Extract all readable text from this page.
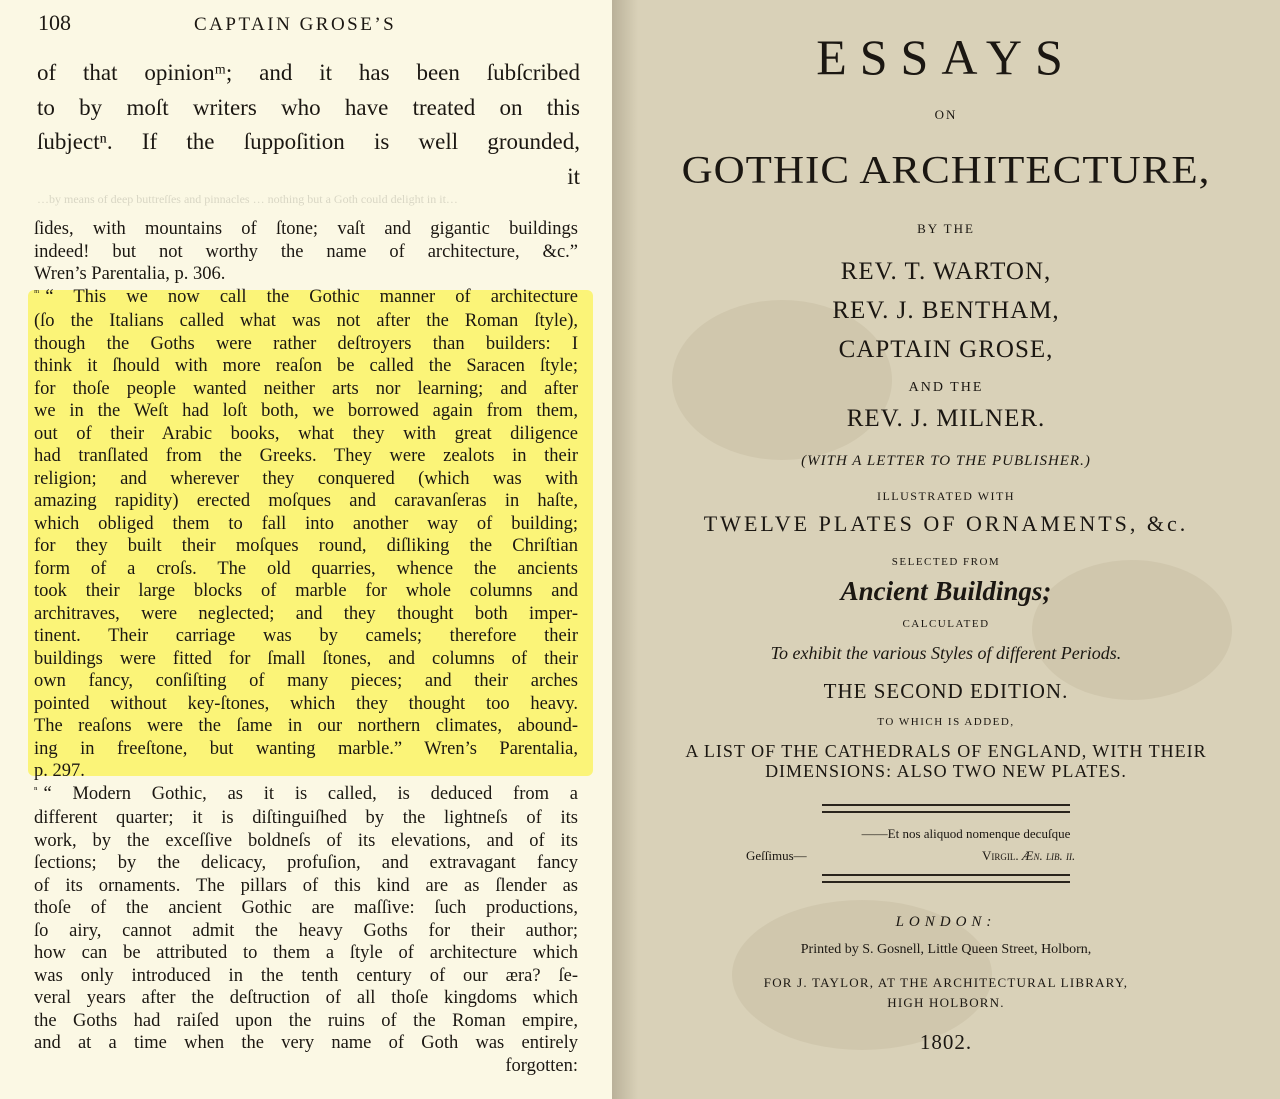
108	CAPTAIN GROSE’S
of that opinionᵐ; and it has been ſubſcribed
to by moſt writers who have treated on this
ſubjectⁿ. If the ſuppoſition is well grounded,
it
…by means of deep buttreſſes and pinnacles … nothing but a Goth could delight in it…
ſides, with mountains of ſtone; vaſt and gigantic buildings
indeed! but not worthy the name of architecture, &c.”
Wren’s Parentalia, p. 306.
$^ᵐ$ “ This we now call the Gothic manner of architecture
(ſo the Italians called what was not after the Roman ſtyle),
though the Goths were rather deſtroyers than builders: I
think it ſhould with more reaſon be called the Saracen ſtyle;
for thoſe people wanted neither arts nor learning; and after
we in the Weſt had loſt both, we borrowed again from them,
out of their Arabic books, what they with great diligence
had tranſlated from the Greeks. They were zealots in their
religion; and wherever they conquered (which was with
amazing rapidity) erected moſques and caravanſeras in haſte,
which obliged them to fall into another way of building;
for they built their moſques round, diſliking the Chriſtian
form of a croſs. The old quarries, whence the ancients
took their large blocks of marble for whole columns and
architraves, were neglected; and they thought both imper-
tinent. Their carriage was by camels; therefore their
buildings were fitted for ſmall ſtones, and columns of their
own fancy, conſiſting of many pieces; and their arches
pointed without key-ſtones, which they thought too heavy.
The reaſons were the ſame in our northern climates, abound-
ing in freeſtone, but wanting marble.” Wren’s Parentalia,
p. 297.
$^{^n}$ “ Modern Gothic, as it is called, is deduced from a
different quarter; it is diſtinguiſhed by the lightneſs of its
work, by the exceſſive boldneſs of its elevations, and of its
ſections; by the delicacy, profuſion, and extravagant fancy
of its ornaments. The pillars of this kind are as ſlender as
thoſe of the ancient Gothic are maſſive: ſuch productions,
ſo airy, cannot admit the heavy Goths for their author;
how can be attributed to them a ſtyle of architecture which
was only introduced in the tenth century of our æra? ſe-
veral years after the deſtruction of all thoſe kingdoms which
the Goths had raiſed upon the ruins of the Roman empire,
and at a time when the very name of Goth was entirely
forgotten:
ESSAYS
ON
GOTHIC ARCHITECTURE,
BY THE
REV. T. WARTON,
REV. J. BENTHAM,
CAPTAIN GROSE,
AND THE
REV. J. MILNER.
(WITH A LETTER TO THE PUBLISHER.)
ILLUSTRATED WITH
TWELVE PLATES OF ORNAMENTS, &c.
SELECTED FROM
Ancient Buildings;
CALCULATED
To exhibit the various Styles of different Periods.
THE SECOND EDITION.
TO WHICH IS ADDED,
A LIST OF THE CATHEDRALS OF ENGLAND, WITH THEIR
DIMENSIONS: ALSO TWO NEW PLATES.
——Et nos aliquod nomenque decuſque
Geſſimus—	Virgil. Æn. lib. ii.
LONDON:
Printed by S. Gosnell, Little Queen Street, Holborn,
FOR J. TAYLOR, AT THE ARCHITECTURAL LIBRARY,
HIGH HOLBORN.
1802.
